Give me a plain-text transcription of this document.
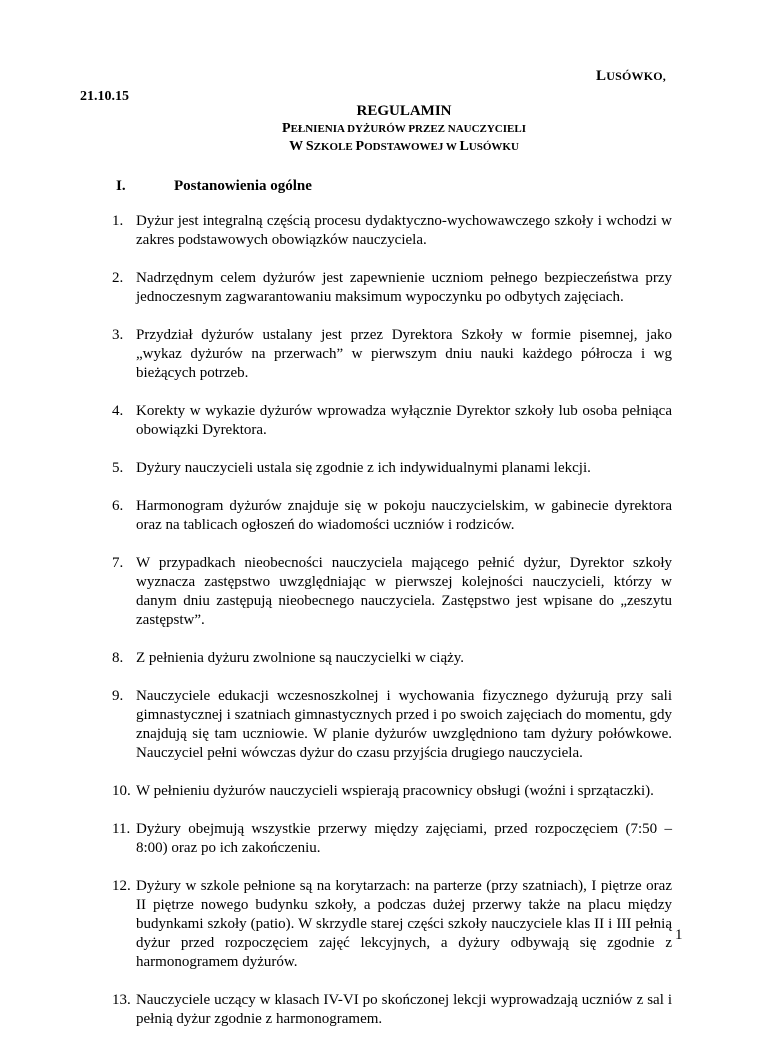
LUSÓWKO,
21.10.15
REGULAMIN
PEŁNIENIA DYŻURÓW PRZEZ NAUCZYCIELI
W SZKOLE PODSTAWOWEJ W LUSÓWKU
I.	Postanowienia ogólne
1. Dyżur jest integralną częścią procesu dydaktyczno-wychowawczego szkoły i wchodzi w zakres podstawowych obowiązków nauczyciela.
2. Nadrzędnym celem dyżurów jest zapewnienie uczniom pełnego bezpieczeństwa przy jednoczesnym zagwarantowaniu maksimum wypoczynku po odbytych zajęciach.
3. Przydział dyżurów ustalany jest przez Dyrektora Szkoły w formie pisemnej, jako „wykaz dyżurów na przerwach” w pierwszym dniu nauki każdego półrocza i wg bieżących potrzeb.
4. Korekty w wykazie dyżurów wprowadza wyłącznie Dyrektor szkoły lub osoba pełniąca obowiązki Dyrektora.
5. Dyżury nauczycieli ustala się zgodnie z ich indywidualnymi planami lekcji.
6. Harmonogram dyżurów znajduje się w pokoju nauczycielskim, w gabinecie dyrektora oraz na tablicach ogłoszeń do wiadomości uczniów i rodziców.
7. W przypadkach nieobecności nauczyciela mającego pełnić dyżur, Dyrektor szkoły wyznacza zastępstwo uwzględniając w pierwszej kolejności nauczycieli, którzy w danym dniu zastępują nieobecnego nauczyciela. Zastępstwo jest wpisane do „zeszytu zastępstw”.
8. Z pełnienia dyżuru zwolnione są nauczycielki w ciąży.
9. Nauczyciele edukacji wczesnoszkolnej i wychowania fizycznego dyżurują przy sali gimnastycznej i szatniach gimnastycznych przed i po swoich zajęciach do momentu, gdy znajdują się tam uczniowie. W planie dyżurów uwzględniono tam dyżury połówkowe. Nauczyciel pełni wówczas dyżur do czasu przyjścia drugiego nauczyciela.
10. W pełnieniu dyżurów nauczycieli wspierają pracownicy obsługi (woźni i sprzątaczki).
11. Dyżury obejmują wszystkie przerwy między zajęciami, przed rozpoczęciem (7:50 – 8:00) oraz po ich zakończeniu.
12. Dyżury w szkole pełnione są na korytarzach: na parterze (przy szatniach), I piętrze oraz II piętrze nowego budynku szkoły, a podczas dużej przerwy także na placu między budynkami szkoły (patio). W skrzydle starej części szkoły nauczyciele klas II i III pełnią dyżur przed rozpoczęciem zajęć lekcyjnych, a dyżury odbywają się zgodnie z harmonogramem dyżurów.
13. Nauczyciele uczący w klasach IV-VI po skończonej lekcji wyprowadzają uczniów z sal i pełnią dyżur zgodnie z harmonogramem.
1
